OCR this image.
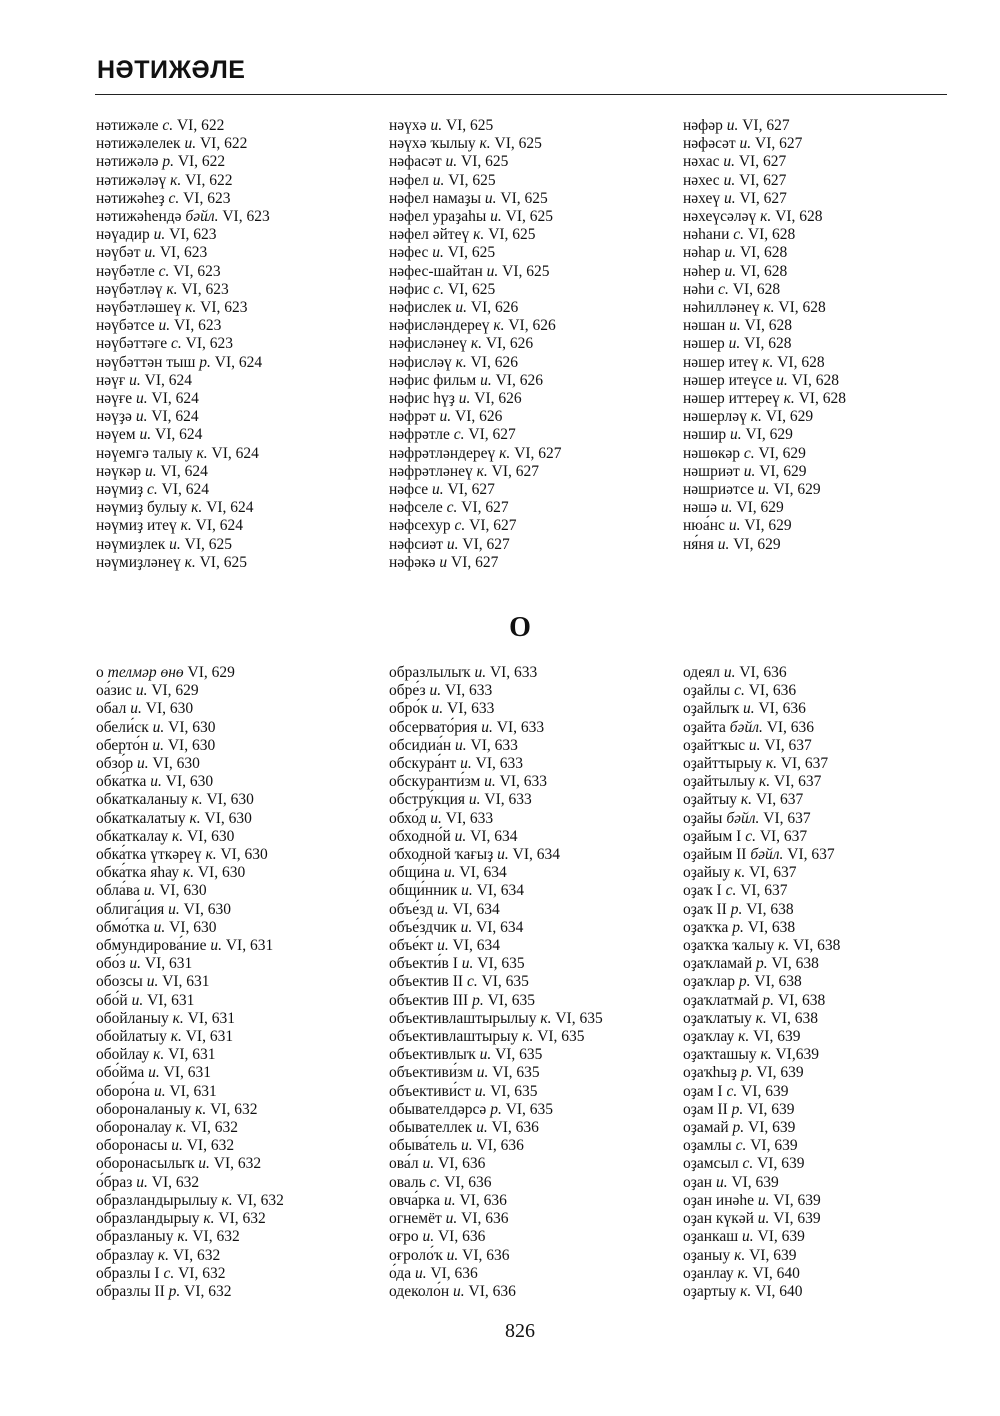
НӘТИЖӘЛЕ
нәтижәле с. VI, 622
нәтижәлелек и. VI, 622
нәтижәлә р. VI, 622
нәтижәләү к. VI, 622
нәтижәһеҙ с. VI, 623
нәтижәһендә бәйл. VI, 623
нәүадир и. VI, 623
нәүбәт и. VI, 623
нәүбәтле с. VI, 623
нәүбәтләү к. VI, 623
нәүбәтләшеү к. VI, 623
нәүбәтсе и. VI, 623
нәүбәттәге с. VI, 623
нәүбәттән тыш р. VI, 624
нәүғ и. VI, 624
нәүғе и. VI, 624
нәүҙә и. VI, 624
нәүем и. VI, 624
нәүемгә талыу к. VI, 624
нәүкәр и. VI, 624
нәүмиҙ с. VI, 624
нәүмиҙ булыу к. VI, 624
нәүмиҙ итеү к. VI, 624
нәүмиҙлек и. VI, 625
нәүмиҙләнеү к. VI, 625
нәүхә и. VI, 625
нәүхә ҡылыу к. VI, 625
нәфасәт и. VI, 625
нәфел и. VI, 625
нәфел намаҙы и. VI, 625
нәфел ураҙаһы и. VI, 625
нәфел әйтеү к. VI, 625
нәфес и. VI, 625
нәфес-шайтан и. VI, 625
нәфис с. VI, 625
нәфислек и. VI, 626
нәфисләндереү к. VI, 626
нәфисләнеү к. VI, 626
нәфисләү к. VI, 626
нәфис фильм и. VI, 626
нәфис һүҙ и. VI, 626
нәфрәт и. VI, 626
нәфрәтле с. VI, 627
нәфрәтләндереү к. VI, 627
нәфрәтләнеү к. VI, 627
нәфсе и. VI, 627
нәфселе с. VI, 627
нәфсехур с. VI, 627
нәфсиәт и. VI, 627
нәфәкә и VI, 627
нәфәр и. VI, 627
нәфәсәт и. VI, 627
нәхас и. VI, 627
нәхес и. VI, 627
нәхеү и. VI, 627
нәхеүсәләү к. VI, 628
нәһани с. VI, 628
нәһар и. VI, 628
нәһер и. VI, 628
нәһи с. VI, 628
нәһилләнеү к. VI, 628
нәшан и. VI, 628
нәшер и. VI, 628
нәшер итеү к. VI, 628
нәшер итеүсе и. VI, 628
нәшер иттереү к. VI, 628
нәшерләү к. VI, 629
нәшир и. VI, 629
нәшөкәр с. VI, 629
нәшриәт и. VI, 629
нәшриәтсе и. VI, 629
нәшә и. VI, 629
нюа́нс и. VI, 629
ня́ня и. VI, 629
О
о телмәр өнө VI, 629
оа́зис и. VI, 629
обал и. VI, 630
обели́ск и. VI, 630
оберто́н и. VI, 630
обзо́р и. VI, 630
обка́тка и. VI, 630
обкаткаланыу к. VI, 630
обкаткалатыу к. VI, 630
обкаткалау к. VI, 630
обка́тка үткәреү к. VI, 630
обка́тка яһау к. VI, 630
обла́ва и. VI, 630
облига́ция и. VI, 630
обмо́тка и. VI, 630
обмундирова́ние и. VI, 631
обо́з и. VI, 631
обозсы и. VI, 631
обо́й и. VI, 631
обойланыу к. VI, 631
обойлатыу к. VI, 631
обойлау к. VI, 631
обо́йма и. VI, 631
оборо́на и. VI, 631
обороналаныу к. VI, 632
обороналау к. VI, 632
оборонасы и. VI, 632
оборонасылыҡ и. VI, 632
о́браз и. VI, 632
образландырылыу к. VI, 632
образландырыу к. VI, 632
образланыу к. VI, 632
образлау к. VI, 632
образлы I с. VI, 632
образлы II р. VI, 632
образлылыҡ и. VI, 633
обре́з и. VI, 633
обро́к и. VI, 633
обсервато́рия и. VI, 633
обсидиа́н и. VI, 633
обскура́нт и. VI, 633
обскуранти́зм и. VI, 633
обстру́кция и. VI, 633
обхо́д и. VI, 633
обходно́й и. VI, 634
обходной ҡағыҙ и. VI, 634
общи́на и. VI, 634
общи́нник и. VI, 634
объе́зд и. VI, 634
объе́здчик и. VI, 634
объе́кт и. VI, 634
объекти́в I и. VI, 635
объектив II с. VI, 635
объектив III р. VI, 635
объективлаштырылыу к. VI, 635
объективлаштырыу к. VI, 635
объективлыҡ и. VI, 635
объективи́зм и. VI, 635
объективи́ст и. VI, 635
обывателдәрсә р. VI, 635
обывателлек и. VI, 636
обыва́тель и. VI, 636
ова́л и. VI, 636
оваль с. VI, 636
овча́рка и. VI, 636
огнемёт и. VI, 636
оғро и. VI, 636
оғроло́ҡ и. VI, 636
о́да и. VI, 636
одеколо́н и. VI, 636
одеял и. VI, 636
оҙайлы с. VI, 636
оҙайлыҡ и. VI, 636
оҙайта бәйл. VI, 636
оҙайтҡыс и. VI, 637
оҙайттырыу к. VI, 637
оҙайтылыу к. VI, 637
оҙайтыу к. VI, 637
оҙайы бәйл. VI, 637
оҙайым I с. VI, 637
оҙайым II бәйл. VI, 637
оҙайыу к. VI, 637
оҙаҡ I с. VI, 637
оҙаҡ II р. VI, 638
оҙаҡҡа р. VI, 638
оҙаҡҡа ҡалыу к. VI, 638
оҙаҡламай р. VI, 638
оҙаҡлар р. VI, 638
оҙаҡлатмай р. VI, 638
оҙаҡлатыу к. VI, 638
оҙаҡлау к. VI, 639
оҙаҡташыу к. VI,639
оҙаҡһыҙ р. VI, 639
оҙам I с. VI, 639
оҙам II р. VI, 639
оҙамай р. VI, 639
оҙамлы с. VI, 639
оҙамсыл с. VI, 639
оҙан и. VI, 639
оҙан инәһе и. VI, 639
оҙан күкәй и. VI, 639
оҙанкаш и. VI, 639
оҙаныу к. VI, 639
оҙанлау к. VI, 640
оҙартыу к. VI, 640
826
